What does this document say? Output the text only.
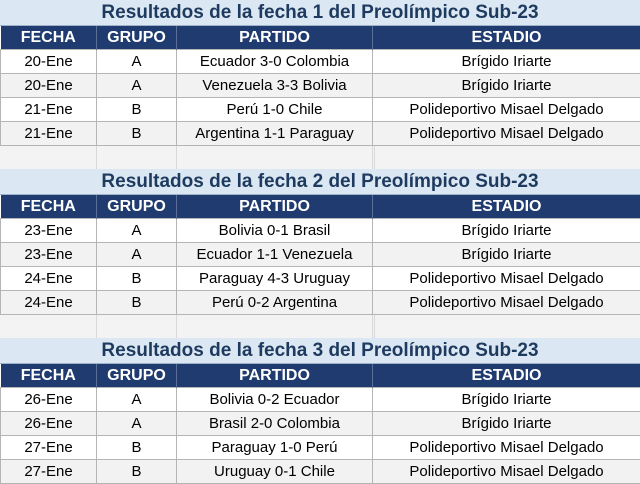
Resultados de la fecha 1 del Preolímpico Sub-23
FECHA	GRUPO	PARTIDO	ESTADIO
20-Ene	A	Ecuador 3-0 Colombia	Brígido Iriarte
20-Ene	A	Venezuela 3-3 Bolivia	Brígido Iriarte
21-Ene	B	Perú 1-0 Chile	Polideportivo Misael Delgado
21-Ene	B	Argentina 1-1 Paraguay	Polideportivo Misael Delgado
Resultados de la fecha 2 del Preolímpico Sub-23
FECHA	GRUPO	PARTIDO	ESTADIO
23-Ene	A	Bolivia 0-1 Brasil	Brígido Iriarte
23-Ene	A	Ecuador 1-1 Venezuela	Brígido Iriarte
24-Ene	B	Paraguay 4-3 Uruguay	Polideportivo Misael Delgado
24-Ene	B	Perú 0-2 Argentina	Polideportivo Misael Delgado
Resultados de la fecha 3 del Preolímpico Sub-23
FECHA	GRUPO	PARTIDO	ESTADIO
26-Ene	A	Bolivia 0-2 Ecuador	Brígido Iriarte
26-Ene	A	Brasil 2-0 Colombia	Brígido Iriarte
27-Ene	B	Paraguay 1-0 Perú	Polideportivo Misael Delgado
27-Ene	B	Uruguay 0-1 Chile	Polideportivo Misael Delgado
